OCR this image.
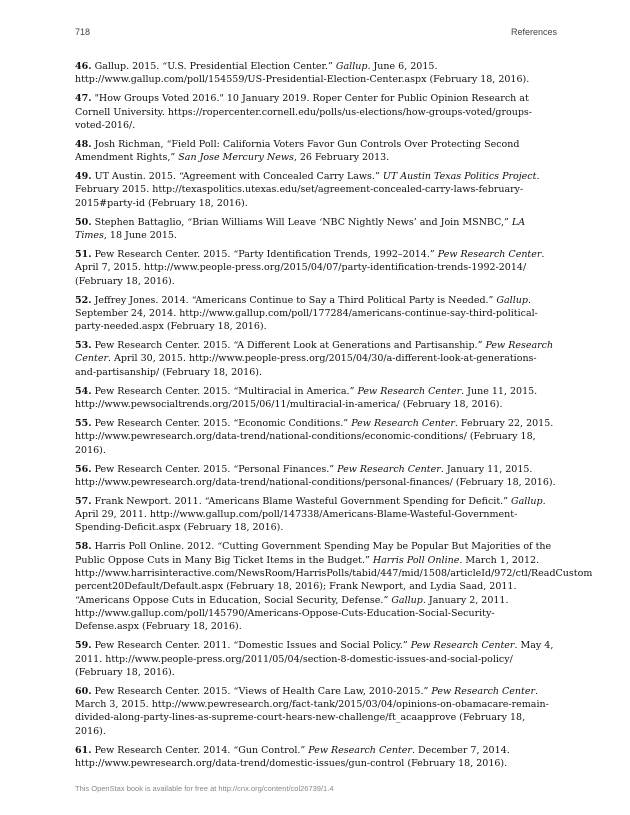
718	References
46. Gallup. 2015. “U.S. Presidential Election Center.” Gallup. June 6, 2015. http://www.gallup.com/poll/154559/US-Presidential-Election-Center.aspx (February 18, 2016).
47. "How Groups Voted 2016." 10 January 2019. Roper Center for Public Opinion Research at Cornell University. https://ropercenter.cornell.edu/polls/us-elections/how-groups-voted/groups-voted-2016/.
48. Josh Richman, “Field Poll: California Voters Favor Gun Controls Over Protecting Second Amendment Rights,” San Jose Mercury News, 26 February 2013.
49. UT Austin. 2015. “Agreement with Concealed Carry Laws.” UT Austin Texas Politics Project. February 2015. http://texaspolitics.utexas.edu/set/agreement-concealed-carry-laws-february-2015#party-id (February 18, 2016).
50. Stephen Battaglio, “Brian Williams Will Leave ‘NBC Nightly News’ and Join MSNBC,” LA Times, 18 June 2015.
51. Pew Research Center. 2015. “Party Identification Trends, 1992–2014.” Pew Research Center. April 7, 2015. http://www.people-press.org/2015/04/07/party-identification-trends-1992-2014/ (February 18, 2016).
52. Jeffrey Jones. 2014. “Americans Continue to Say a Third Political Party is Needed.” Gallup. September 24, 2014. http://www.gallup.com/poll/177284/americans-continue-say-third-political-party-needed.aspx (February 18, 2016).
53. Pew Research Center. 2015. “A Different Look at Generations and Partisanship.” Pew Research Center. April 30, 2015. http://www.people-press.org/2015/04/30/a-different-look-at-generations-and-partisanship/ (February 18, 2016).
54. Pew Research Center. 2015. “Multiracial in America.” Pew Research Center. June 11, 2015. http://www.pewsocialtrends.org/2015/06/11/multiracial-in-america/ (February 18, 2016).
55. Pew Research Center. 2015. “Economic Conditions.” Pew Research Center. February 22, 2015. http://www.pewresearch.org/data-trend/national-conditions/economic-conditions/ (February 18, 2016).
56. Pew Research Center. 2015. “Personal Finances.” Pew Research Center. January 11, 2015. http://www.pewresearch.org/data-trend/national-conditions/personal-finances/ (February 18, 2016).
57. Frank Newport. 2011. “Americans Blame Wasteful Government Spending for Deficit.” Gallup. April 29, 2011. http://www.gallup.com/poll/147338/Americans-Blame-Wasteful-Government-Spending-Deficit.aspx (February 18, 2016).
58. Harris Poll Online. 2012. “Cutting Government Spending May be Popular But Majorities of the Public Oppose Cuts in Many Big Ticket Items in the Budget.” Harris Poll Online. March 1, 2012. http://www.harrisinteractive.com/NewsRoom/HarrisPolls/tabid/447/mid/1508/articleId/972/ctl/ReadCustom percent20Default/Default.aspx (February 18, 2016); Frank Newport, and Lydia Saad, 2011. “Americans Oppose Cuts in Education, Social Security, Defense.” Gallup. January 2, 2011. http://www.gallup.com/poll/145790/Americans-Oppose-Cuts-Education-Social-Security-Defense.aspx (February 18, 2016).
59. Pew Research Center. 2011. “Domestic Issues and Social Policy.” Pew Research Center. May 4, 2011. http://www.people-press.org/2011/05/04/section-8-domestic-issues-and-social-policy/ (February 18, 2016).
60. Pew Research Center. 2015. “Views of Health Care Law, 2010-2015.” Pew Research Center. March 3, 2015. http://www.pewresearch.org/fact-tank/2015/03/04/opinions-on-obamacare-remain-divided-along-party-lines-as-supreme-court-hears-new-challenge/ft_acaapprove (February 18, 2016).
61. Pew Research Center. 2014. “Gun Control.” Pew Research Center. December 7, 2014. http://www.pewresearch.org/data-trend/domestic-issues/gun-control (February 18, 2016).
This OpenStax book is available for free at http://cnx.org/content/col26739/1.4
